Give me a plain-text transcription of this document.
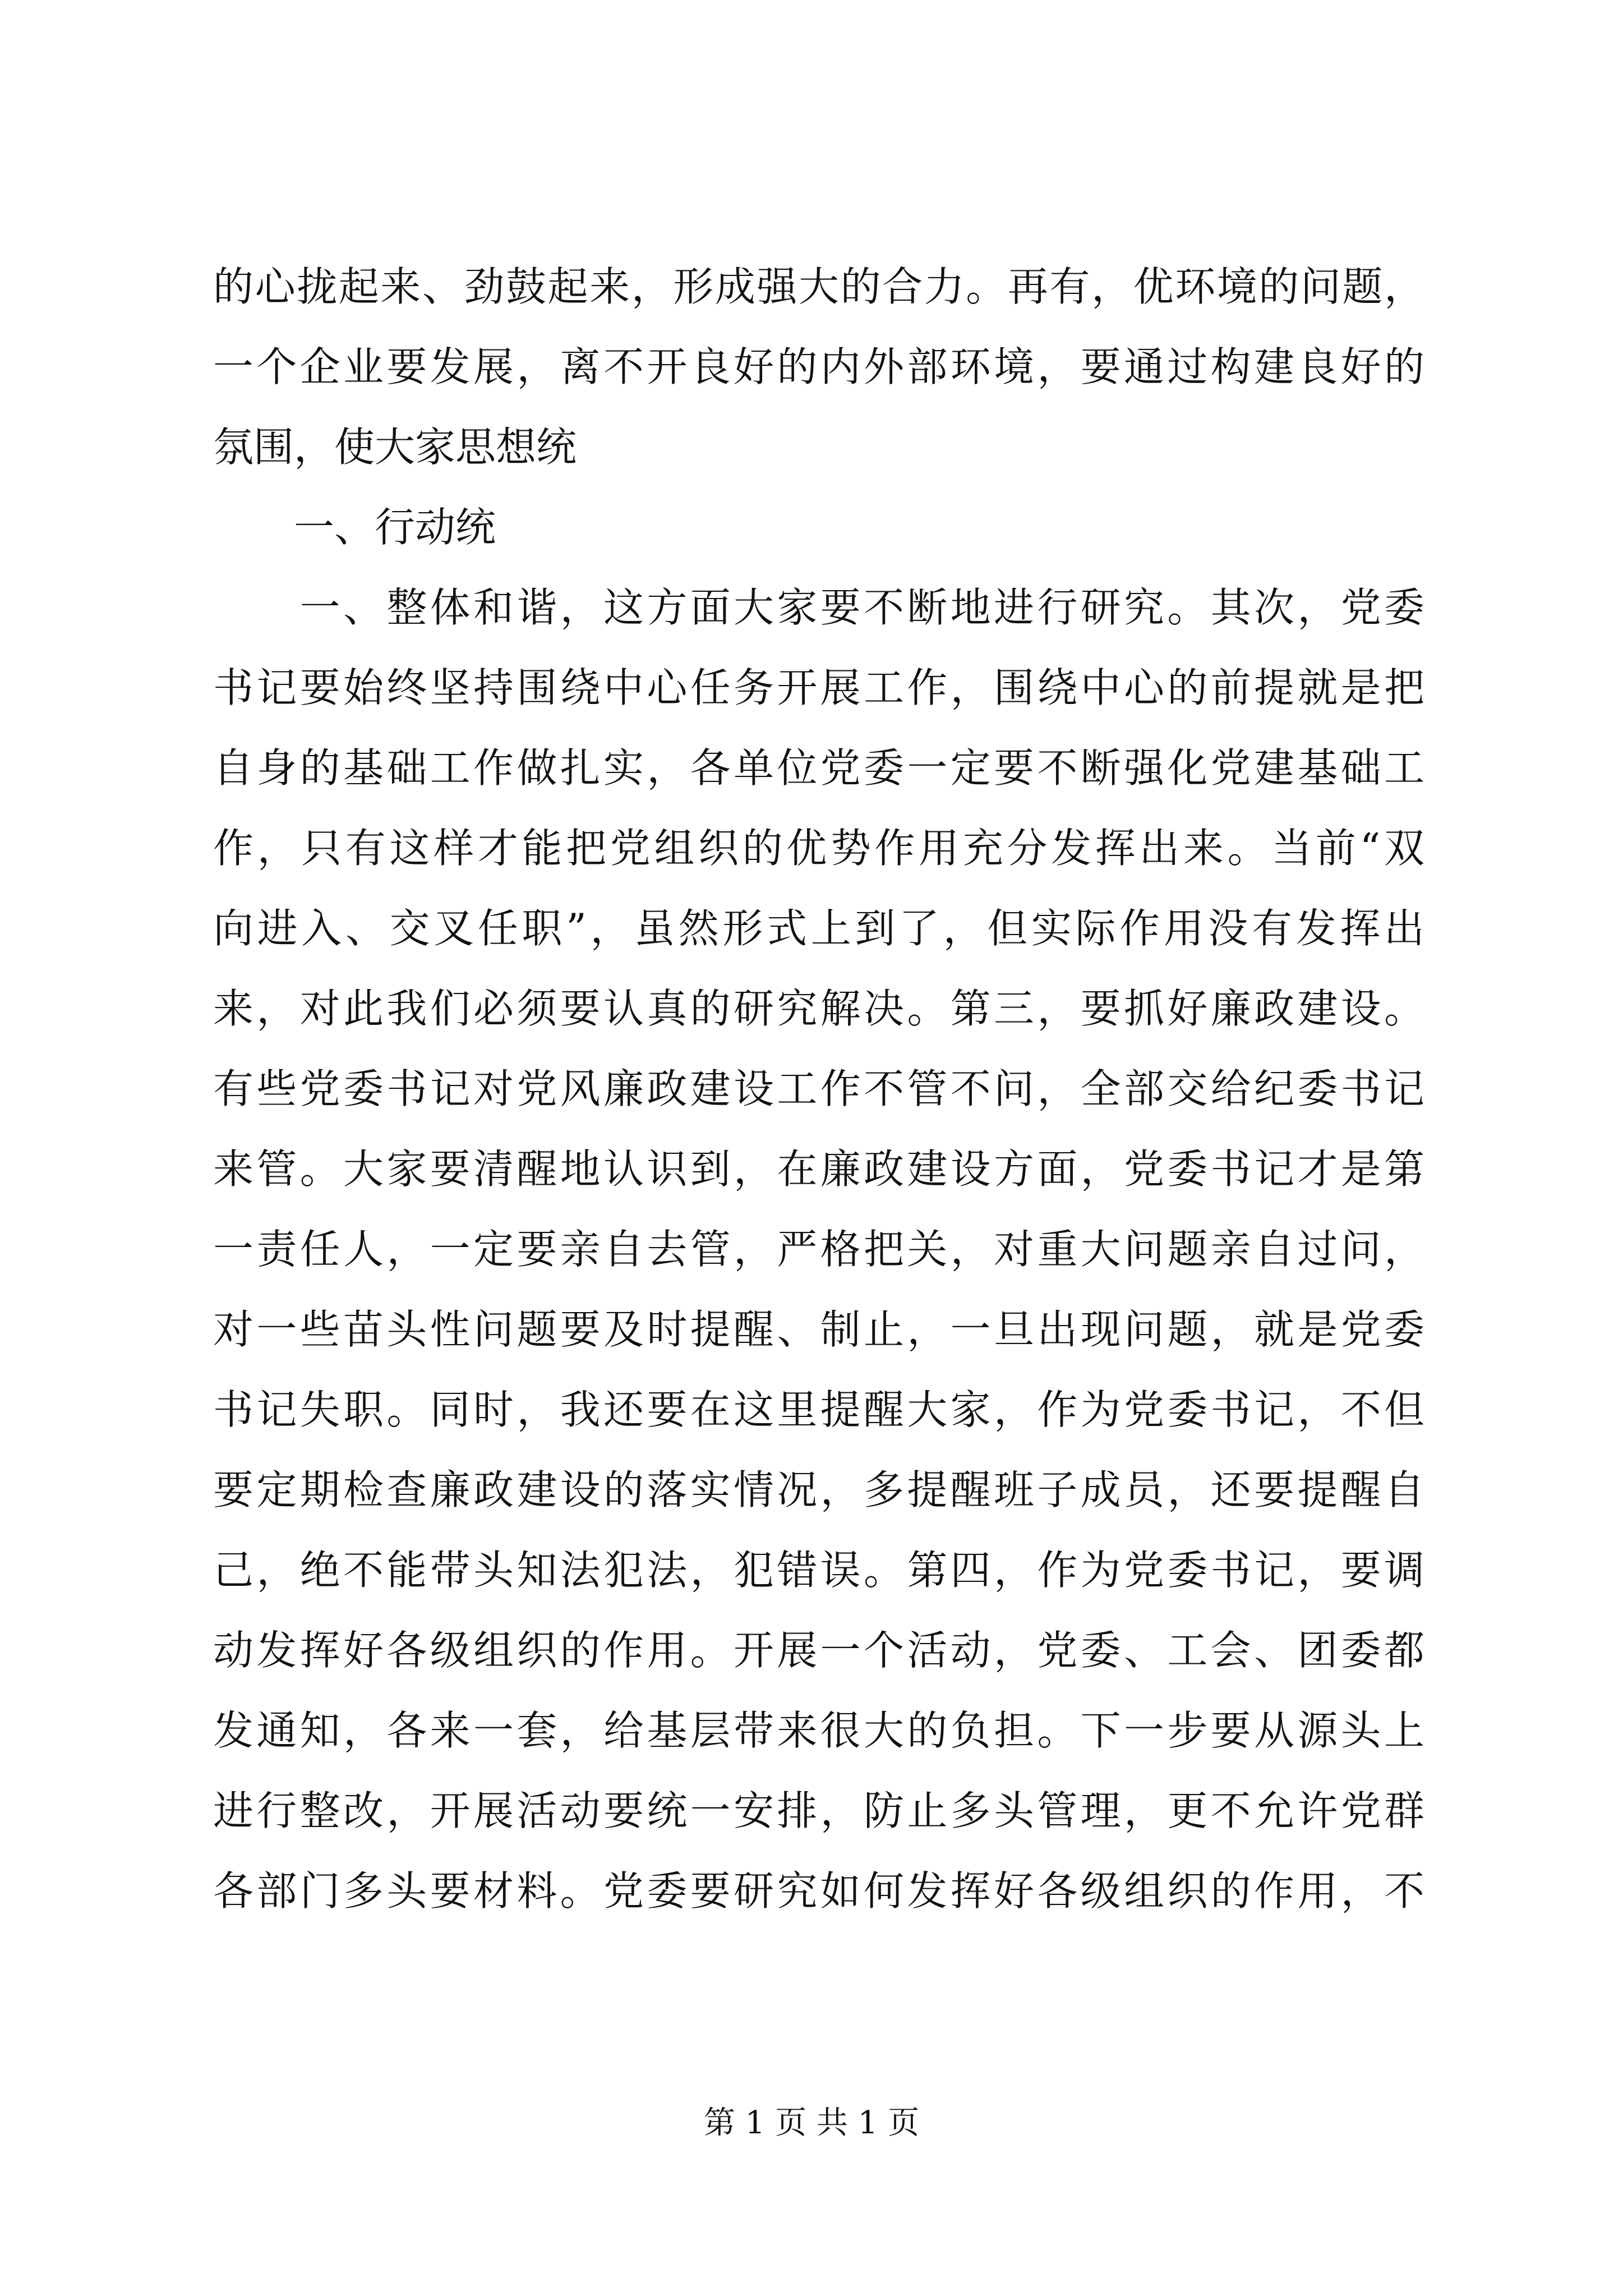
的心拢起来、劲鼓起来，形成强大的合力。再有，优环境的问题，
一个企业要发展，离不开良好的内外部环境，要通过构建良好的
氛围，使大家思想统
　　一、行动统
　　一、整体和谐，这方面大家要不断地进行研究。其次，党委
书记要始终坚持围绕中心任务开展工作，围绕中心的前提就是把
自身的基础工作做扎实，各单位党委一定要不断强化党建基础工
作，只有这样才能把党组织的优势作用充分发挥出来。当前“双
向进入、交叉任职”，虽然形式上到了，但实际作用没有发挥出
来，对此我们必须要认真的研究解决。第三，要抓好廉政建设。
有些党委书记对党风廉政建设工作不管不问，全部交给纪委书记
来管。大家要清醒地认识到，在廉政建设方面，党委书记才是第
一责任人，一定要亲自去管，严格把关，对重大问题亲自过问，
对一些苗头性问题要及时提醒、制止，一旦出现问题，就是党委
书记失职。同时，我还要在这里提醒大家，作为党委书记，不但
要定期检查廉政建设的落实情况，多提醒班子成员，还要提醒自
己，绝不能带头知法犯法，犯错误。第四，作为党委书记，要调
动发挥好各级组织的作用。开展一个活动，党委、工会、团委都
发通知，各来一套，给基层带来很大的负担。下一步要从源头上
进行整改，开展活动要统一安排，防止多头管理，更不允许党群
各部门多头要材料。党委要研究如何发挥好各级组织的作用，不
第 1 页 共 1 页
